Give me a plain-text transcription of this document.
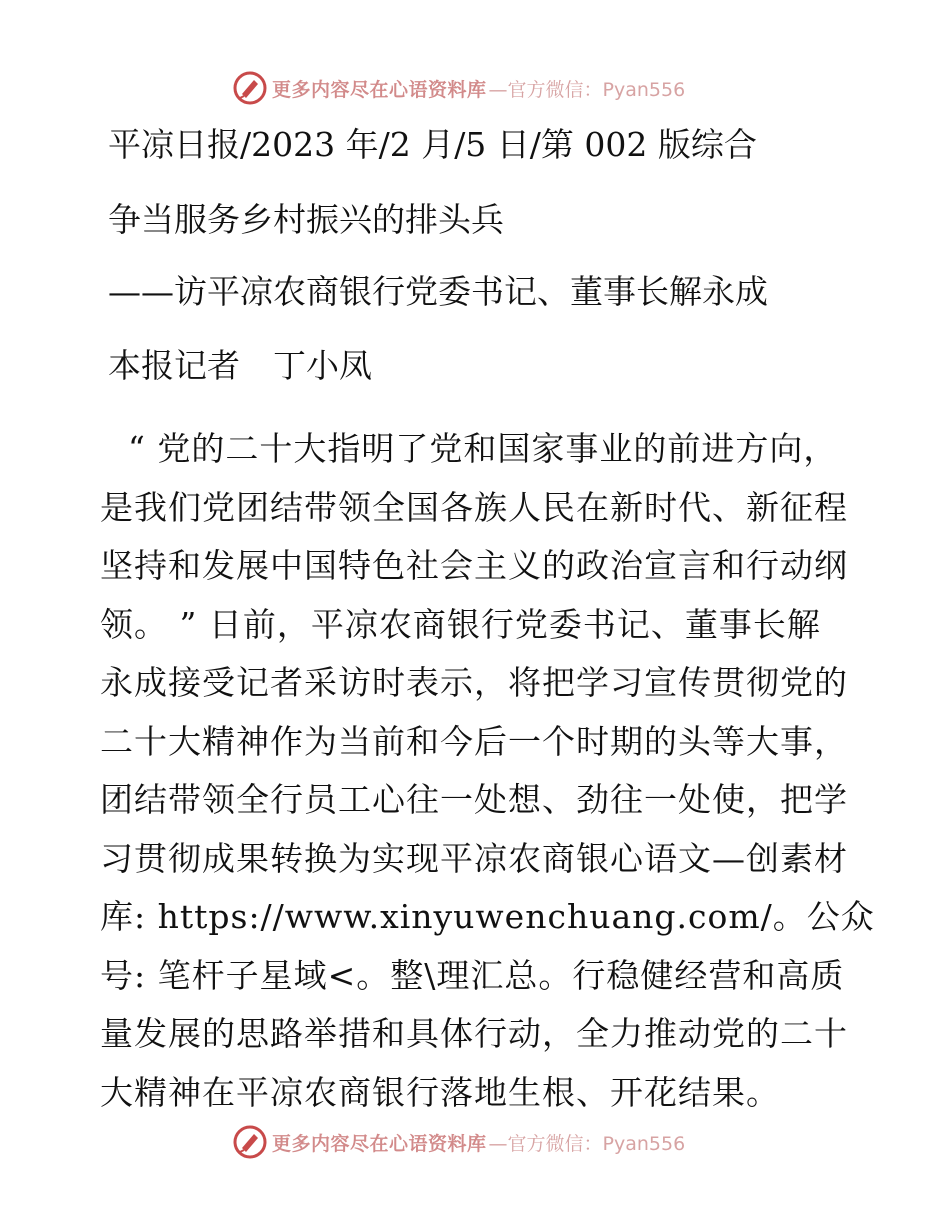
更多内容尽在心语资料库 —官方微信：Pyan556
平凉日报/2023 年/2 月/5 日/第 002 版综合
争当服务乡村振兴的排头兵
——访平凉农商银行党委书记、董事长解永成
本报记者　丁小凤
“ 党的二十大指明了党和国家事业的前进方向，
是我们党团结带领全国各族人民在新时代、新征程
坚持和发展中国特色社会主义的政治宣言和行动纲
领。 ” 日前，平凉农商银行党委书记、董事长解
永成接受记者采访时表示，将把学习宣传贯彻党的
二十大精神作为当前和今后一个时期的头等大事，
团结带领全行员工心往一处想、劲往一处使，把学
习贯彻成果转换为实现平凉农商银心语文—创素材
库: https://www.xinyuwenchuang.com/。公众
号: 笔杆子星域<。整\理汇总。行稳健经营和高质
量发展的思路举措和具体行动，全力推动党的二十
大精神在平凉农商银行落地生根、开花结果。
更多内容尽在心语资料库 —官方微信：Pyan556
